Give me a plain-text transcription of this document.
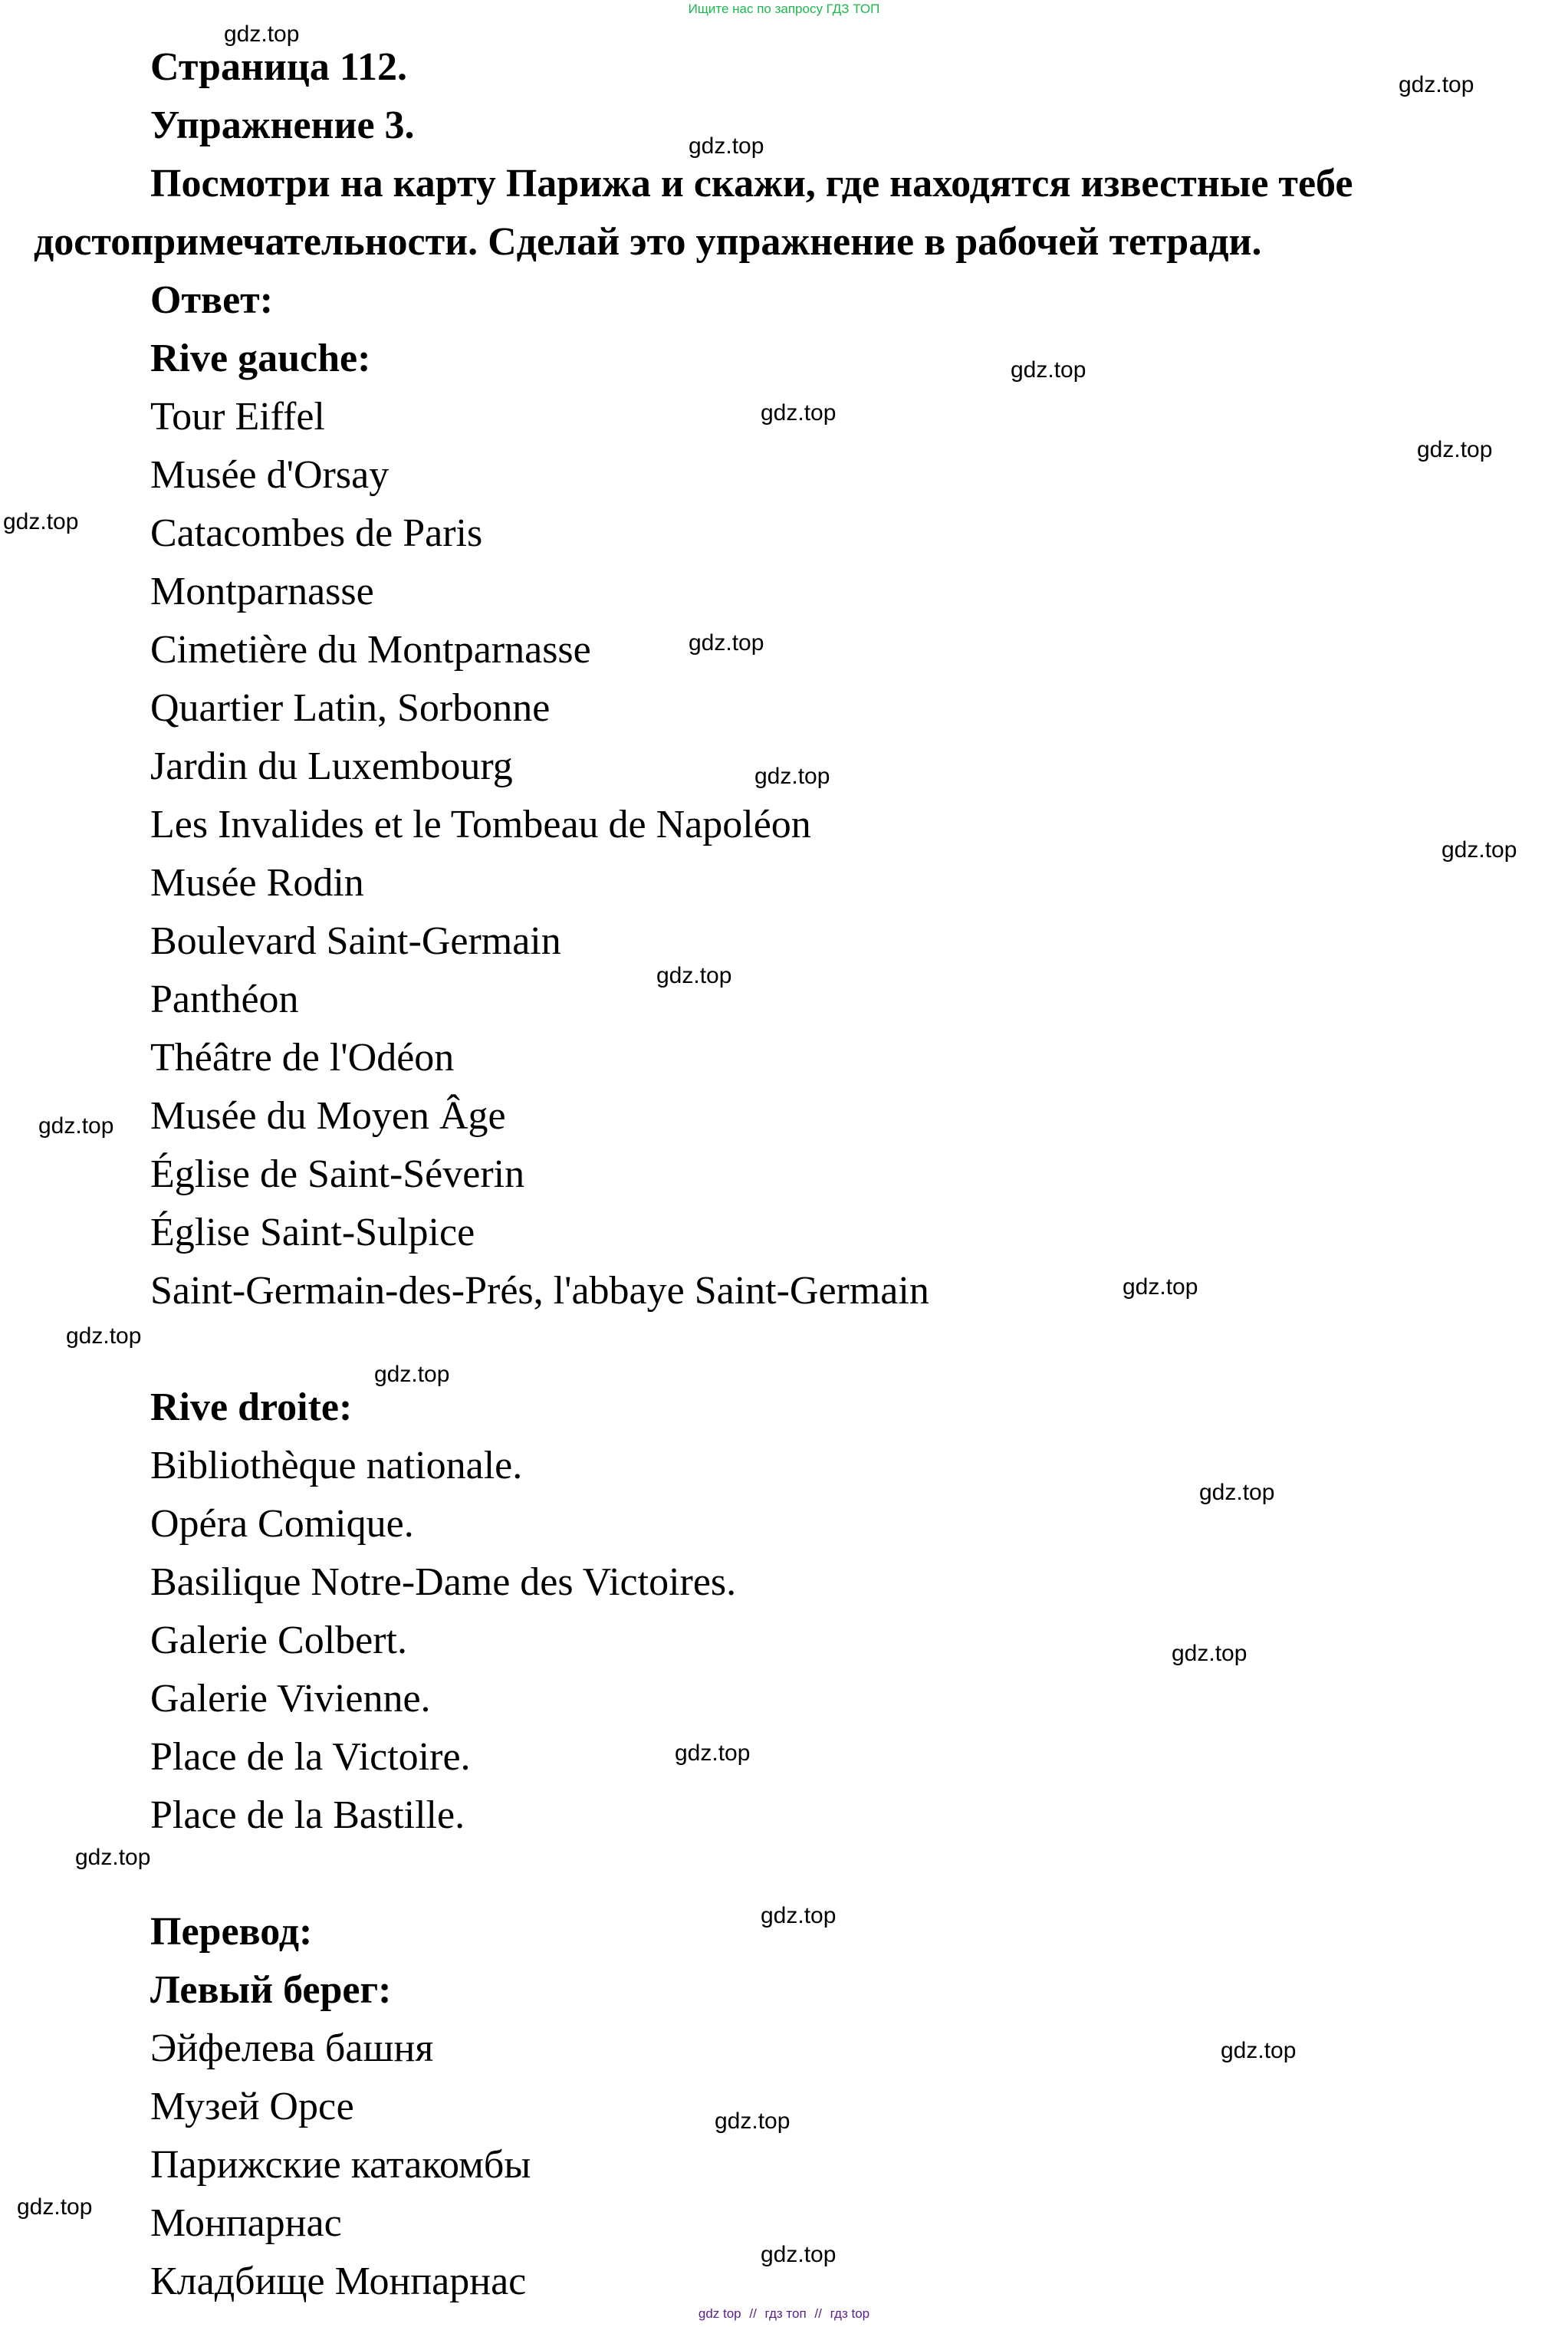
Ищите нас по запросу ГДЗ ТОП
Страница 112.
Упражнение 3.
Посмотри на карту Парижа и скажи, где находятся известные тебе
достопримечательности. Сделай это упражнение в рабочей тетради.
Ответ:
Rive gauche:
Tour Eiffel
Musée d'Orsay
Catacombes de Paris
Montparnasse
Cimetière du Montparnasse
Quartier Latin, Sorbonne
Jardin du Luxembourg
Les Invalides et le Tombeau de Napoléon
Musée Rodin
Boulevard Saint-Germain
Panthéon
Théâtre de l'Odéon
Musée du Moyen Âge
Église de Saint-Séverin
Église Saint-Sulpice
Saint-Germain-des-Prés, l'abbaye Saint-Germain
Rive droite:
Bibliothèque nationale.
Opéra Comique.
Basilique Notre-Dame des Victoires.
Galerie Colbert.
Galerie Vivienne.
Place de la Victoire.
Place de la Bastille.
Перевод:
Левый берег:
Эйфелева башня
Музей Орсе
Парижские катакомбы
Монпарнас
Кладбище Монпарнас
gdz.top
gdz.top
gdz.top
gdz.top
gdz.top
gdz.top
gdz.top
gdz.top
gdz.top
gdz.top
gdz.top
gdz.top
gdz.top
gdz.top
gdz.top
gdz.top
gdz.top
gdz.top
gdz.top
gdz.top
gdz.top
gdz.top
gdz.top
gdz.top
gdz top // гдз топ // гдз top
